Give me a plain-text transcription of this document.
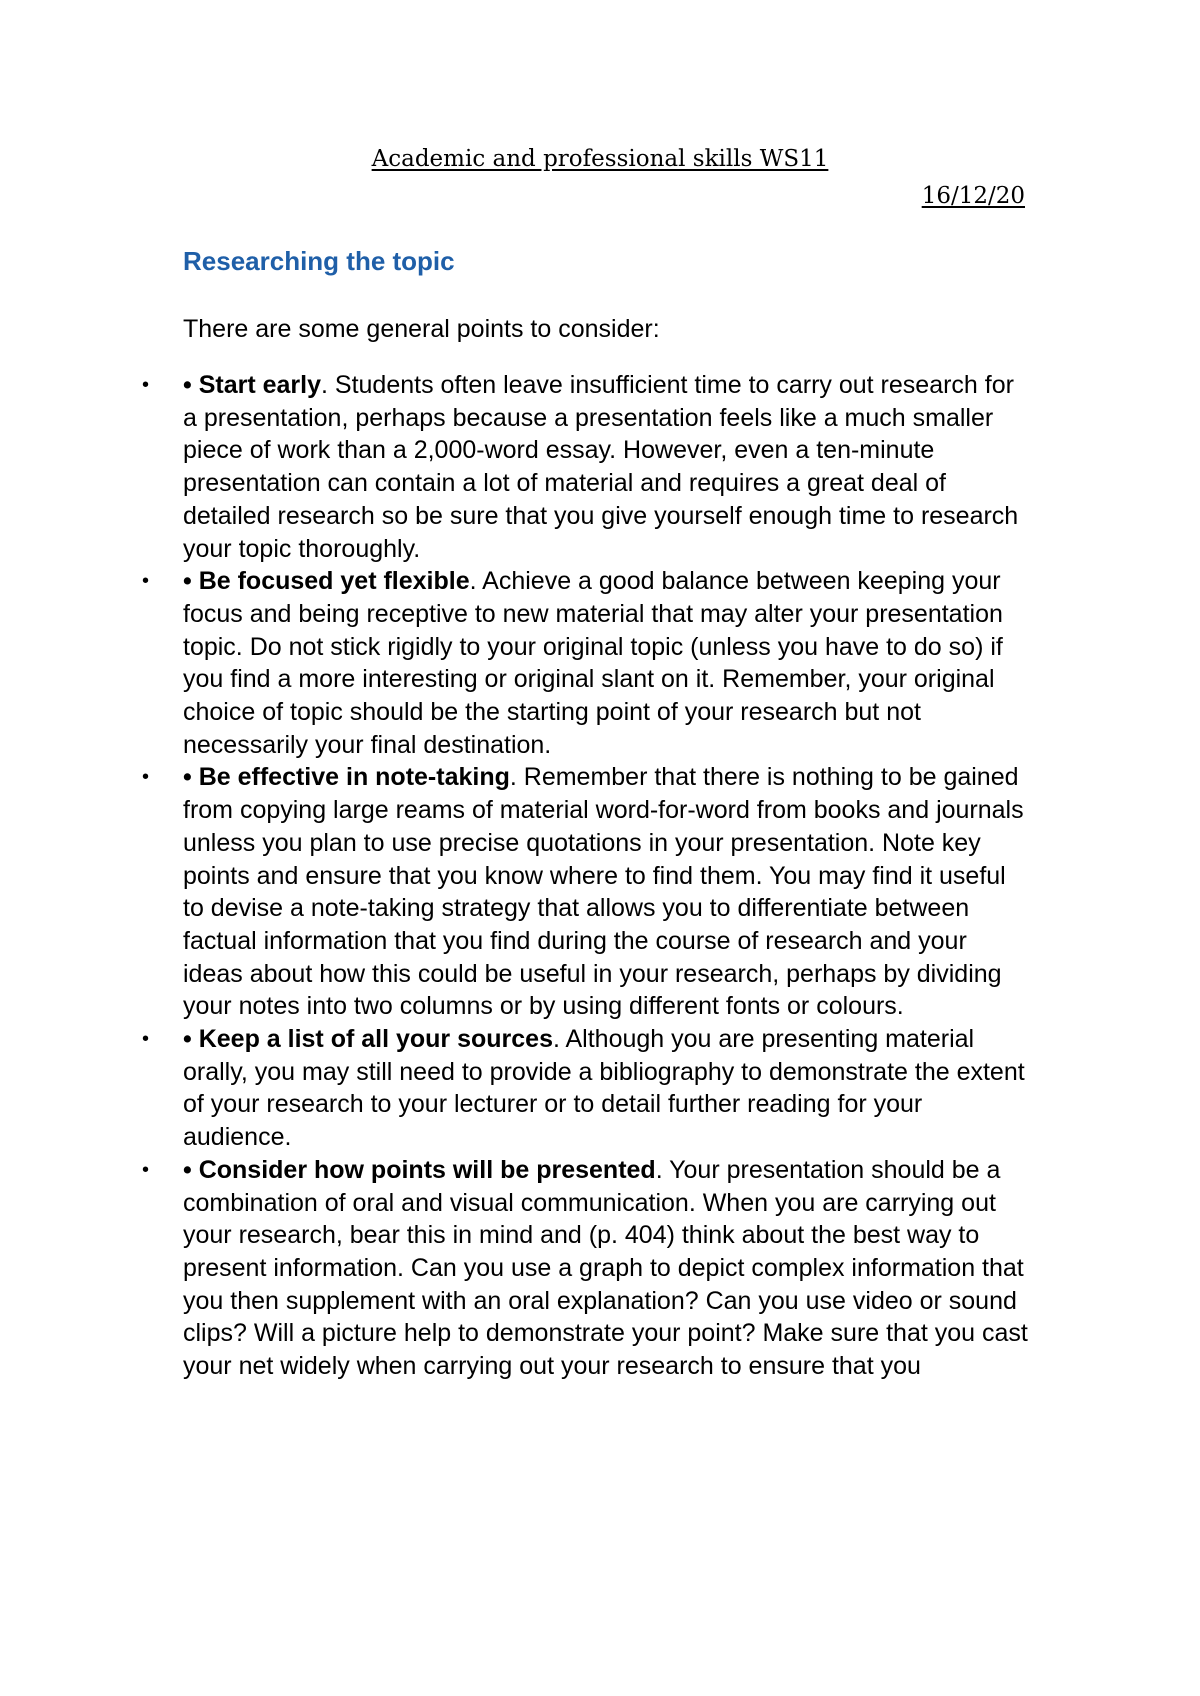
Academic and professional skills WS11
16/12/20
Researching the topic

There are some general points to consider:

• • Start early. Students often leave insufficient time to carry out research for a presentation, perhaps because a presentation feels like a much smaller piece of work than a 2,000-word essay. However, even a ten-minute presentation can contain a lot of material and requires a great deal of detailed research so be sure that you give yourself enough time to research your topic thoroughly.
• • Be focused yet flexible. Achieve a good balance between keeping your focus and being receptive to new material that may alter your presentation topic. Do not stick rigidly to your original topic (unless you have to do so) if you find a more interesting or original slant on it. Remember, your original choice of topic should be the starting point of your research but not necessarily your final destination.
• • Be effective in note-taking. Remember that there is nothing to be gained from copying large reams of material word-for-word from books and journals unless you plan to use precise quotations in your presentation. Note key points and ensure that you know where to find them. You may find it useful to devise a note-taking strategy that allows you to differentiate between factual information that you find during the course of research and your ideas about how this could be useful in your research, perhaps by dividing your notes into two columns or by using different fonts or colours.
• • Keep a list of all your sources. Although you are presenting material orally, you may still need to provide a bibliography to demonstrate the extent of your research to your lecturer or to detail further reading for your audience.
• • Consider how points will be presented. Your presentation should be a combination of oral and visual communication. When you are carrying out your research, bear this in mind and (p. 404) think about the best way to present information. Can you use a graph to depict complex information that you then supplement with an oral explanation? Can you use video or sound clips? Will a picture help to demonstrate your point? Make sure that you cast your net widely when carrying out your research to ensure that you
